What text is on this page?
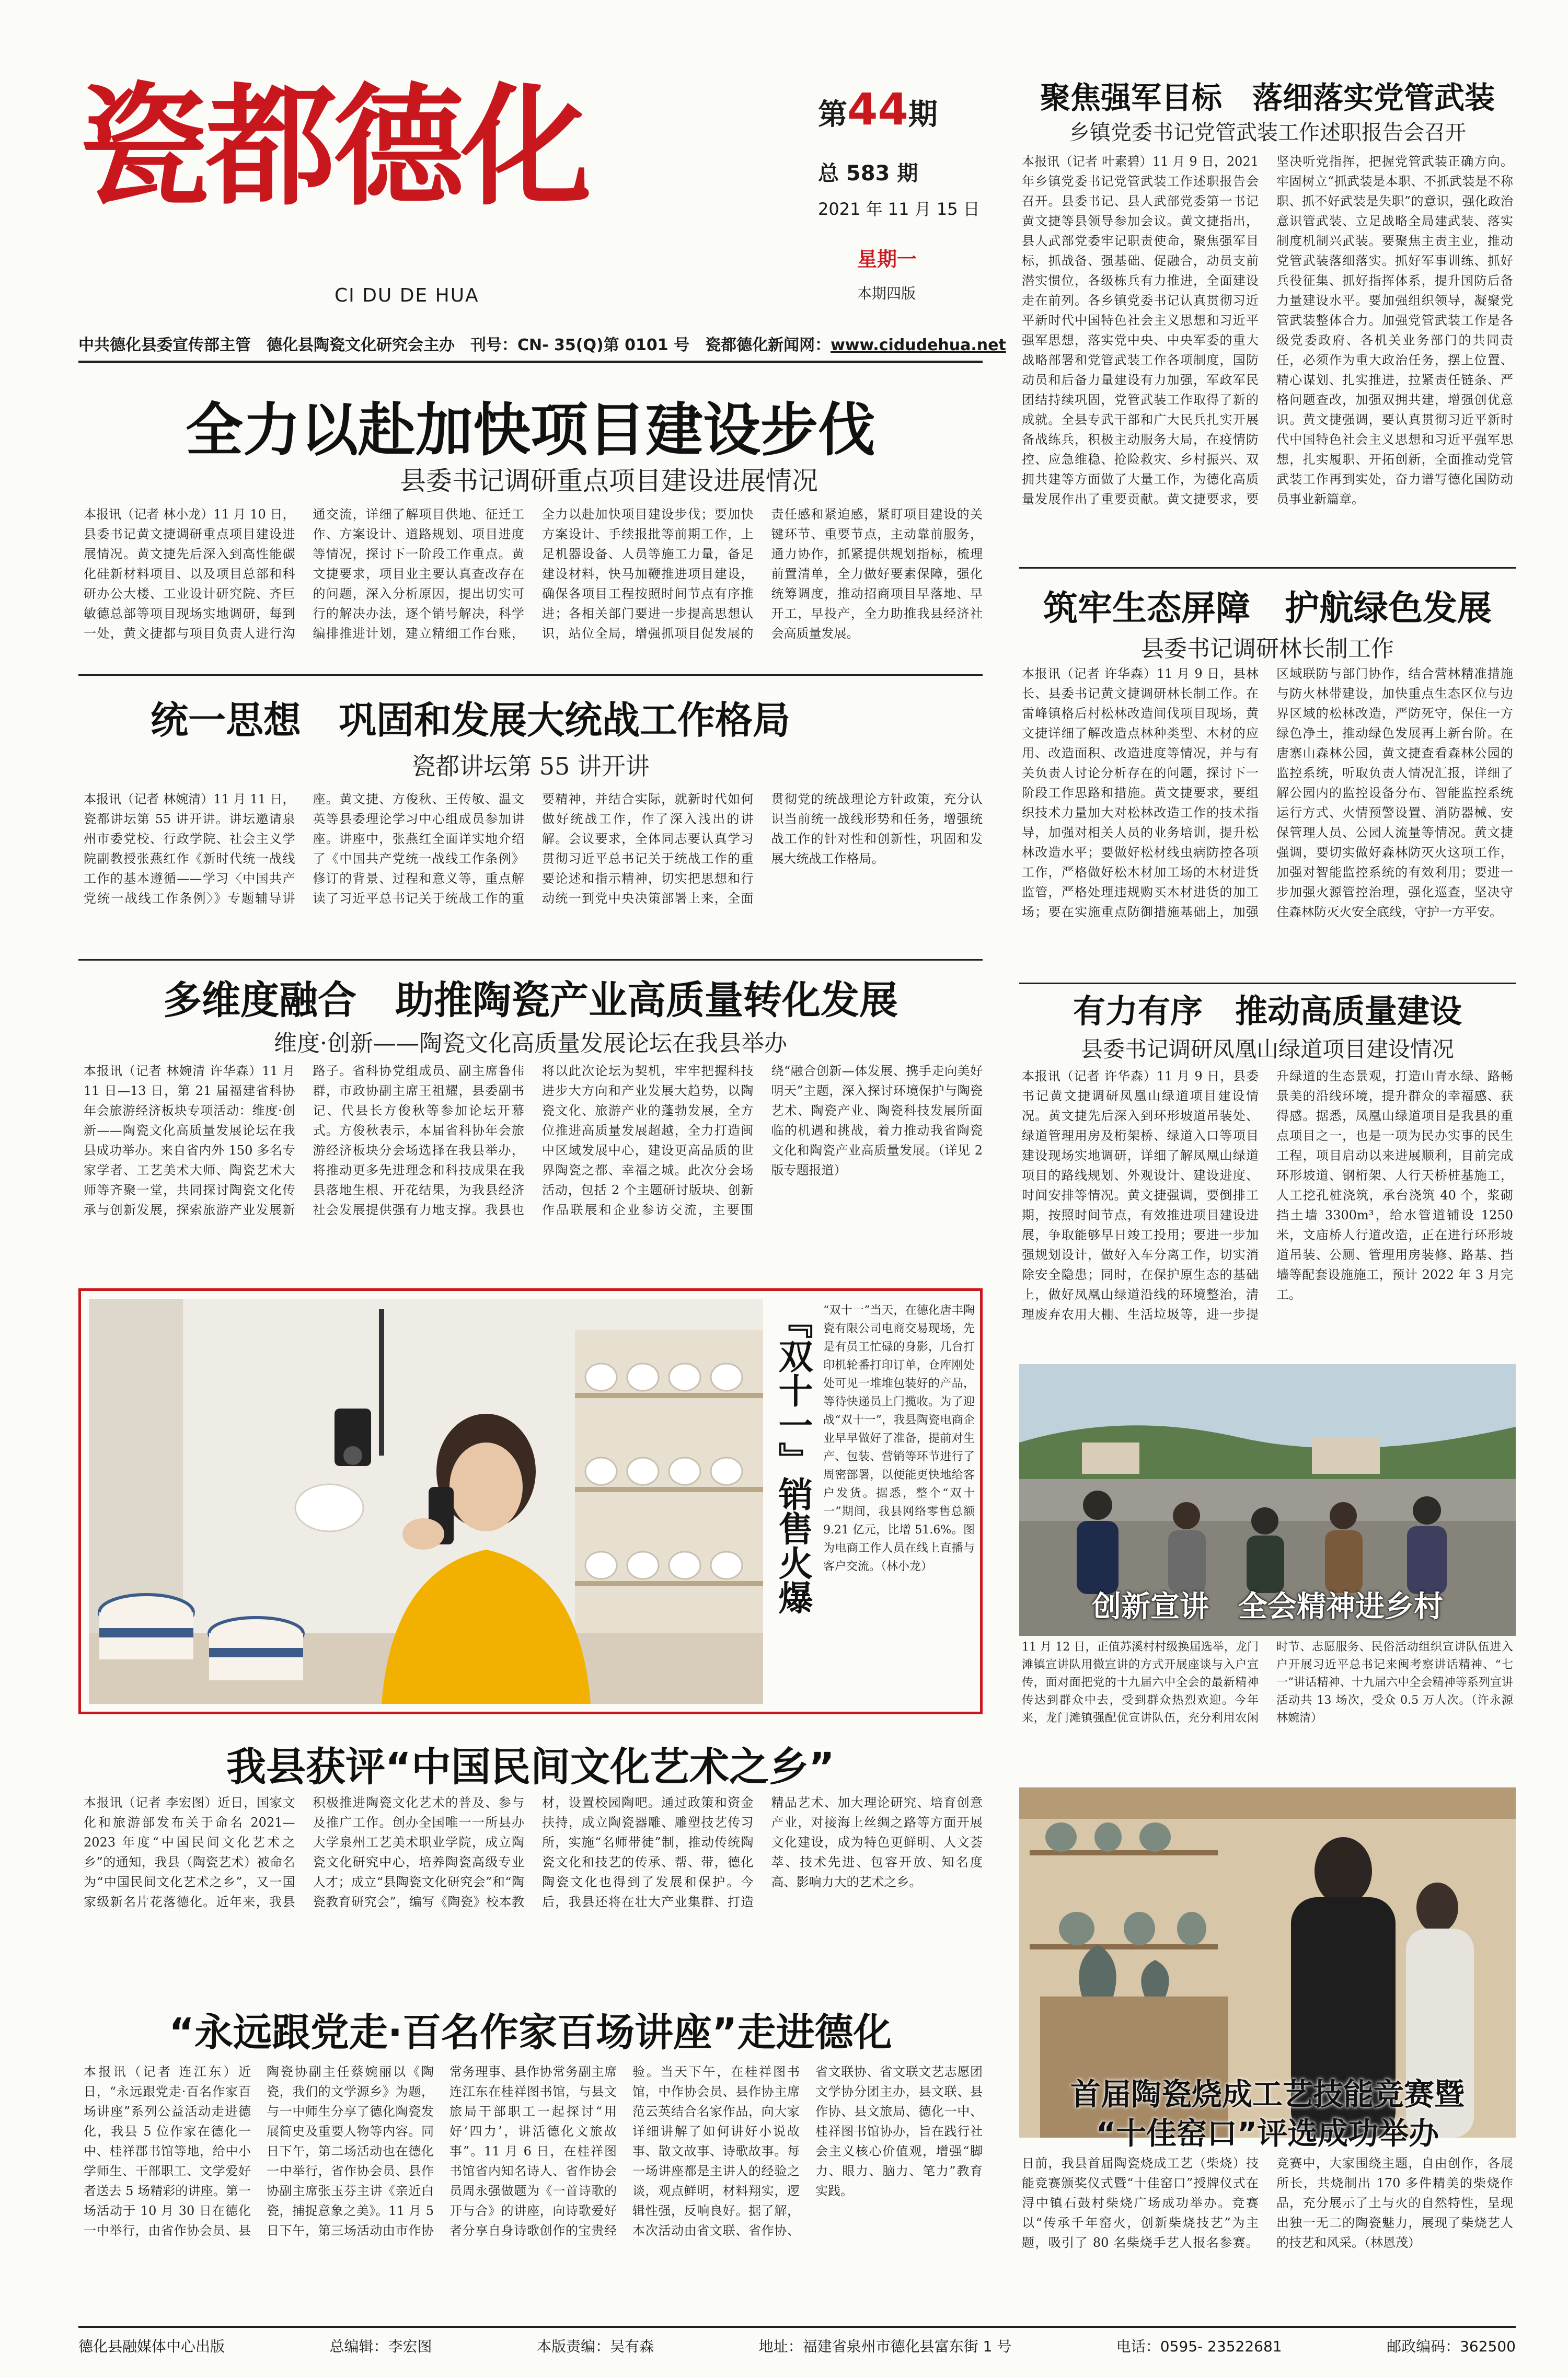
瓷都德化
CI DU DE HUA
第44期
总 583 期
2021 年 11 月 15 日
星期一
本期四版
中共德化县委宣传部主管　德化县陶瓷文化研究会主办　刊号：CN- 35(Q)第 0101 号　瓷都德化新闻网：www.cidudehua.net
聚焦强军目标　落细落实党管武装
乡镇党委书记党管武装工作述职报告会召开
本报讯（记者 叶素碧）11 月 9 日，2021 年乡镇党委书记党管武装工作述职报告会召开。县委书记、县人武部党委第一书记黄文捷等县领导参加会议。黄文捷指出，县人武部党委牢记职责使命，聚焦强军目标，抓战备、强基础、促融合，动员支前潜实惯位，各级栋兵有力推进，全面建设走在前列。各乡镇党委书记认真贯彻习近平新时代中国特色社会主义思想和习近平强军思想，落实党中央、中央军委的重大战略部署和党管武装工作各项制度，国防动员和后备力量建设有力加强，军政军民团结持续巩固，党管武装工作取得了新的成就。全县专武干部和广大民兵扎实开展备战练兵，积极主动服务大局，在疫情防控、应急维稳、抢险救灾、乡村振兴、双拥共建等方面做了大量工作，为德化高质量发展作出了重要贡献。黄文捷要求，要坚决听党指挥，把握党管武装正确方向。牢固树立“抓武装是本职、不抓武装是不称职、抓不好武装是失职”的意识，强化政治意识管武装、立足战略全局建武装、落实制度机制兴武装。要聚焦主责主业，推动党管武装落细落实。抓好军事训练、抓好兵役征集、抓好指挥体系，提升国防后备力量建设水平。要加强组织领导，凝聚党管武装整体合力。加强党管武装工作是各级党委政府、各机关业务部门的共同责任，必须作为重大政治任务，摆上位置、精心谋划、扎实推进，拉紧责任链条、严格问题查改，加强双拥共建，增强创优意识。黄文捷强调，要认真贯彻习近平新时代中国特色社会主义思想和习近平强军思想，扎实履职、开拓创新，全面推动党管武装工作再到实处，奋力谱写德化国防动员事业新篇章。
全力以赴加快项目建设步伐
县委书记调研重点项目建设进展情况
本报讯（记者 林小龙）11 月 10 日，县委书记黄文捷调研重点项目建设进展情况。黄文捷先后深入到高性能碳化硅新材料项目、以及项目总部和科研办公大楼、工业设计研究院、齐巨敏德总部等项目现场实地调研，每到一处，黄文捷都与项目负责人进行沟通交流，详细了解项目供地、征迁工作、方案设计、道路规划、项目进度等情况，探讨下一阶段工作重点。黄文捷要求，项目业主要认真查改存在的问题，深入分析原因，提出切实可行的解决办法，逐个销号解决，科学编排推进计划，建立精细工作台账，全力以赴加快项目建设步伐；要加快方案设计、手续报批等前期工作，上足机器设备、人员等施工力量，备足建设材料，快马加鞭推进项目建设，确保各项目工程按照时间节点有序推进；各相关部门要进一步提高思想认识，站位全局，增强抓项目促发展的责任感和紧迫感，紧盯项目建设的关键环节、重要节点，主动靠前服务，通力协作，抓紧提供规划指标，梳理前置清单，全力做好要素保障，强化统筹调度，推动招商项目早落地、早开工，早投产，全力助推我县经济社会高质量发展。
统一思想　巩固和发展大统战工作格局
瓷都讲坛第 55 讲开讲
本报讯（记者 林婉清）11 月 11 日，瓷都讲坛第 55 讲开讲。讲坛邀请泉州市委党校、行政学院、社会主义学院副教授张燕红作《新时代统一战线工作的基本遵循——学习〈中国共产党统一战线工作条例〉》专题辅导讲座。黄文捷、方俊秋、王传敏、温文英等县委理论学习中心组成员参加讲座。讲座中，张燕红全面详实地介绍了《中国共产党统一战线工作条例》修订的背景、过程和意义等，重点解读了习近平总书记关于统战工作的重要精神，并结合实际，就新时代如何做好统战工作，作了深入浅出的讲解。会议要求，全体同志要认真学习贯彻习近平总书记关于统战工作的重要论述和指示精神，切实把思想和行动统一到党中央决策部署上来，全面贯彻党的统战理论方针政策，充分认识当前统一战线形势和任务，增强统战工作的针对性和创新性，巩固和发展大统战工作格局。
筑牢生态屏障　护航绿色发展
县委书记调研林长制工作
本报讯（记者 许华森）11 月 9 日，县林长、县委书记黄文捷调研林长制工作。在雷峰镇格后村松林改造间伐项目现场，黄文捷详细了解改造点林种类型、木材的应用、改造面积、改造进度等情况，并与有关负责人讨论分析存在的问题，探讨下一阶段工作思路和措施。黄文捷要求，要组织技术力量加大对松林改造工作的技术指导，加强对相关人员的业务培训，提升松林改造水平；要做好松材线虫病防控各项工作，严格做好松木材加工场的木材进货监管，严格处理违规购买木材进货的加工场；要在实施重点防御措施基础上，加强区域联防与部门协作，结合营林精准措施与防火林带建设，加快重点生态区位与边界区域的松林改造，严防死守，保住一方绿色净土，推动绿色发展再上新台阶。在唐寨山森林公园，黄文捷查看森林公园的监控系统，听取负责人情况汇报，详细了解公园内的监控设备分布、智能监控系统运行方式、火情预警设置、消防器械、安保管理人员、公园人流量等情况。黄文捷强调，要切实做好森林防灭火这项工作，加强对智能监控系统的有效利用；要进一步加强火源管控治理，强化巡查，坚决守住森林防灭火安全底线，守护一方平安。
多维度融合　助推陶瓷产业高质量转化发展
维度·创新——陶瓷文化高质量发展论坛在我县举办
本报讯（记者 林婉清 许华森）11 月 11 日—13 日，第 21 届福建省科协年会旅游经济板块专项活动：维度·创新——陶瓷文化高质量发展论坛在我县成功举办。来自省内外 150 多名专家学者、工艺美术大师、陶瓷艺术大师等齐聚一堂，共同探讨陶瓷文化传承与创新发展，探索旅游产业发展新路子。省科协党组成员、副主席鲁伟群，市政协副主席王祖耀，县委副书记、代县长方俊秋等参加论坛开幕式。方俊秋表示，本届省科协年会旅游经济板块分会场选择在我县举办，将推动更多先进理念和科技成果在我县落地生根、开花结果，为我县经济社会发展提供强有力地支撑。我县也将以此次论坛为契机，牢牢把握科技进步大方向和产业发展大趋势，以陶瓷文化、旅游产业的蓬勃发展，全方位推进高质量发展超越，全力打造闽中区域发展中心，建设更高品质的世界陶瓷之都、幸福之城。此次分会场活动，包括 2 个主题研讨版块、创新作品联展和企业参访交流，主要围绕“融合创新—体发展、携手走向美好明天”主题，深入探讨环境保护与陶瓷艺术、陶瓷产业、陶瓷科技发展所面临的机遇和挑战，着力推动我省陶瓷文化和陶瓷产业高质量发展。（详见 2 版专题报道）
『双十一』销售火爆 “双十一”当天，在德化唐丰陶瓷有限公司电商交易现场，先是有员工忙碌的身影，几台打印机轮番打印订单，仓库刚处处可见一堆堆包装好的产品，等待快递员上门揽收。为了迎战“双十一”，我县陶瓷电商企业早早做好了准备，提前对生产、包装、营销等环节进行了周密部署，以便能更快地给客户发货。据悉，整个“双十一”期间，我县网络零售总额 9.21 亿元，比增 51.6%。图为电商工作人员在线上直播与客户交流。（林小龙）
有力有序　推动高质量建设
县委书记调研凤凰山绿道项目建设情况
本报讯（记者 许华森）11 月 9 日，县委书记黄文捷调研凤凰山绿道项目建设情况。黄文捷先后深入到环形坡道吊装处、绿道管理用房及桁架桥、绿道入口等项目建设现场实地调研，详细了解凤凰山绿道项目的路线规划、外观设计、建设进度、时间安排等情况。黄文捷强调，要倒排工期，按照时间节点，有效推进项目建设进展，争取能够早日竣工投用；要进一步加强规划设计，做好入车分离工作，切实消除安全隐患；同时，在保护原生态的基础上，做好凤凰山绿道沿线的环境整治，清理废弃农用大棚、生活垃圾等，进一步提升绿道的生态景观，打造山青水绿、路畅景美的沿线环境，提升群众的幸福感、获得感。据悉，凤凰山绿道项目是我县的重点项目之一，也是一项为民办实事的民生工程，项目启动以来进展顺利，目前完成环形坡道、钢桁架、人行天桥桩基施工，人工挖孔桩浇筑，承台浇筑 40 个，浆砌挡土墙 3300m³，给水管道铺设 1250 米，文庙桥人行道改造，正在进行环形坡道吊装、公厕、管理用房装修、路基、挡墙等配套设施施工，预计 2022 年 3 月完工。
创新宣讲　全会精神进乡村
11 月 12 日，正值苏溪村村级换届选举，龙门滩镇宣讲队用微宣讲的方式开展座谈与入户宣传，面对面把党的十九届六中全会的最新精神传达到群众中去，受到群众热烈欢迎。今年来，龙门滩镇强配优宣讲队伍，充分利用农闲时节、志愿服务、民俗活动组织宣讲队伍进入户开展习近平总书记来闽考察讲话精神、“七一”讲话精神、十九届六中全会精神等系列宣讲活动共 13 场次，受众 0.5 万人次。（许永源 林婉清）
我县获评“中国民间文化艺术之乡”
本报讯（记者 李宏图）近日，国家文化和旅游部发布关于命名 2021—2023 年度“中国民间文化艺术之乡”的通知，我县（陶瓷艺术）被命名为“中国民间文化艺术之乡”，又一国家级新名片花落德化。近年来，我县积极推进陶瓷文化艺术的普及、参与及推广工作。创办全国唯一一所县办大学泉州工艺美术职业学院，成立陶瓷文化研究中心，培养陶瓷高级专业人才；成立“县陶瓷文化研究会”和“陶瓷教育研究会”，编写《陶瓷》校本教材，设置校园陶吧。通过政策和资金扶持，成立陶瓷器雕、雕塑技艺传习所，实施“名师带徒”制，推动传统陶瓷文化和技艺的传承、帮、带，德化陶瓷文化也得到了发展和保护。今后，我县还将在壮大产业集群、打造精品艺术、加大理论研究、培育创意产业，对接海上丝绸之路等方面开展文化建设，成为特色更鲜明、人文荟萃、技术先进、包容开放、知名度高、影响力大的艺术之乡。
“永远跟党走·百名作家百场讲座”走进德化
本报讯（记者 连江东）近日，“永远跟党走·百名作家百场讲座”系列公益活动走进德化，我县 5 位作家在德化一中、桂祥郡书馆等地，给中小学师生、干部职工、文学爱好者送去 5 场精彩的讲座。第一场活动于 10 月 30 日在德化一中举行，由省作协会员、县陶瓷协副主任蔡婉丽以《陶瓷，我们的文学源乡》为题，与一中师生分享了德化陶瓷发展简史及重要人物等内容。同日下午，第二场活动也在德化一中举行，省作协会员、县作协副主席张玉芬主讲《亲近白瓷，捕捉意象之美》。11 月 5 日下午，第三场活动由市作协常务理事、县作协常务副主席连江东在桂祥图书馆，与县文旅局干部职工一起探讨“用好‘四力’，讲活德化文旅故事”。11 月 6 日，在桂祥图书馆省内知名诗人、省作协会员周永强做题为《一首诗歌的开与合》的讲座，向诗歌爱好者分享自身诗歌创作的宝贵经验。当天下午，在桂祥图书馆，中作协会员、县作协主席范云英结合名家作品，向大家详细讲解了如何讲好小说故事、散文故事、诗歌故事。每一场讲座都是主讲人的经验之谈，观点鲜明，材料翔实，逻辑性强，反响良好。据了解，本次活动由省文联、省作协、省文联协、省文联文艺志愿团文学协分团主办，县文联、县作协、县文旅局、德化一中、桂祥图书馆协办，旨在践行社会主义核心价值观，增强“脚力、眼力、脑力、笔力”教育实践。
首届陶瓷烧成工艺技能竞赛暨
“十佳窑口”评选成功举办
日前，我县首届陶瓷烧成工艺（柴烧）技能竞赛颁奖仪式暨“十佳窑口”授牌仪式在浔中镇石鼓村柴烧广场成功举办。竞赛以“传承千年窑火，创新柴烧技艺”为主题，吸引了 80 名柴烧手艺人报名参赛。竞赛中，大家围绕主题，自由创作，各展所长，共烧制出 170 多件精美的柴烧作品，充分展示了土与火的自然特性，呈现出独一无二的陶瓷魅力，展现了柴烧艺人的技艺和风采。（林恩茂）
德化县融媒体中心出版	总编辑：李宏图	本版责编：吴有森	地址：福建省泉州市德化县富东街 1 号	电话：0595- 23522681	邮政编码：362500
